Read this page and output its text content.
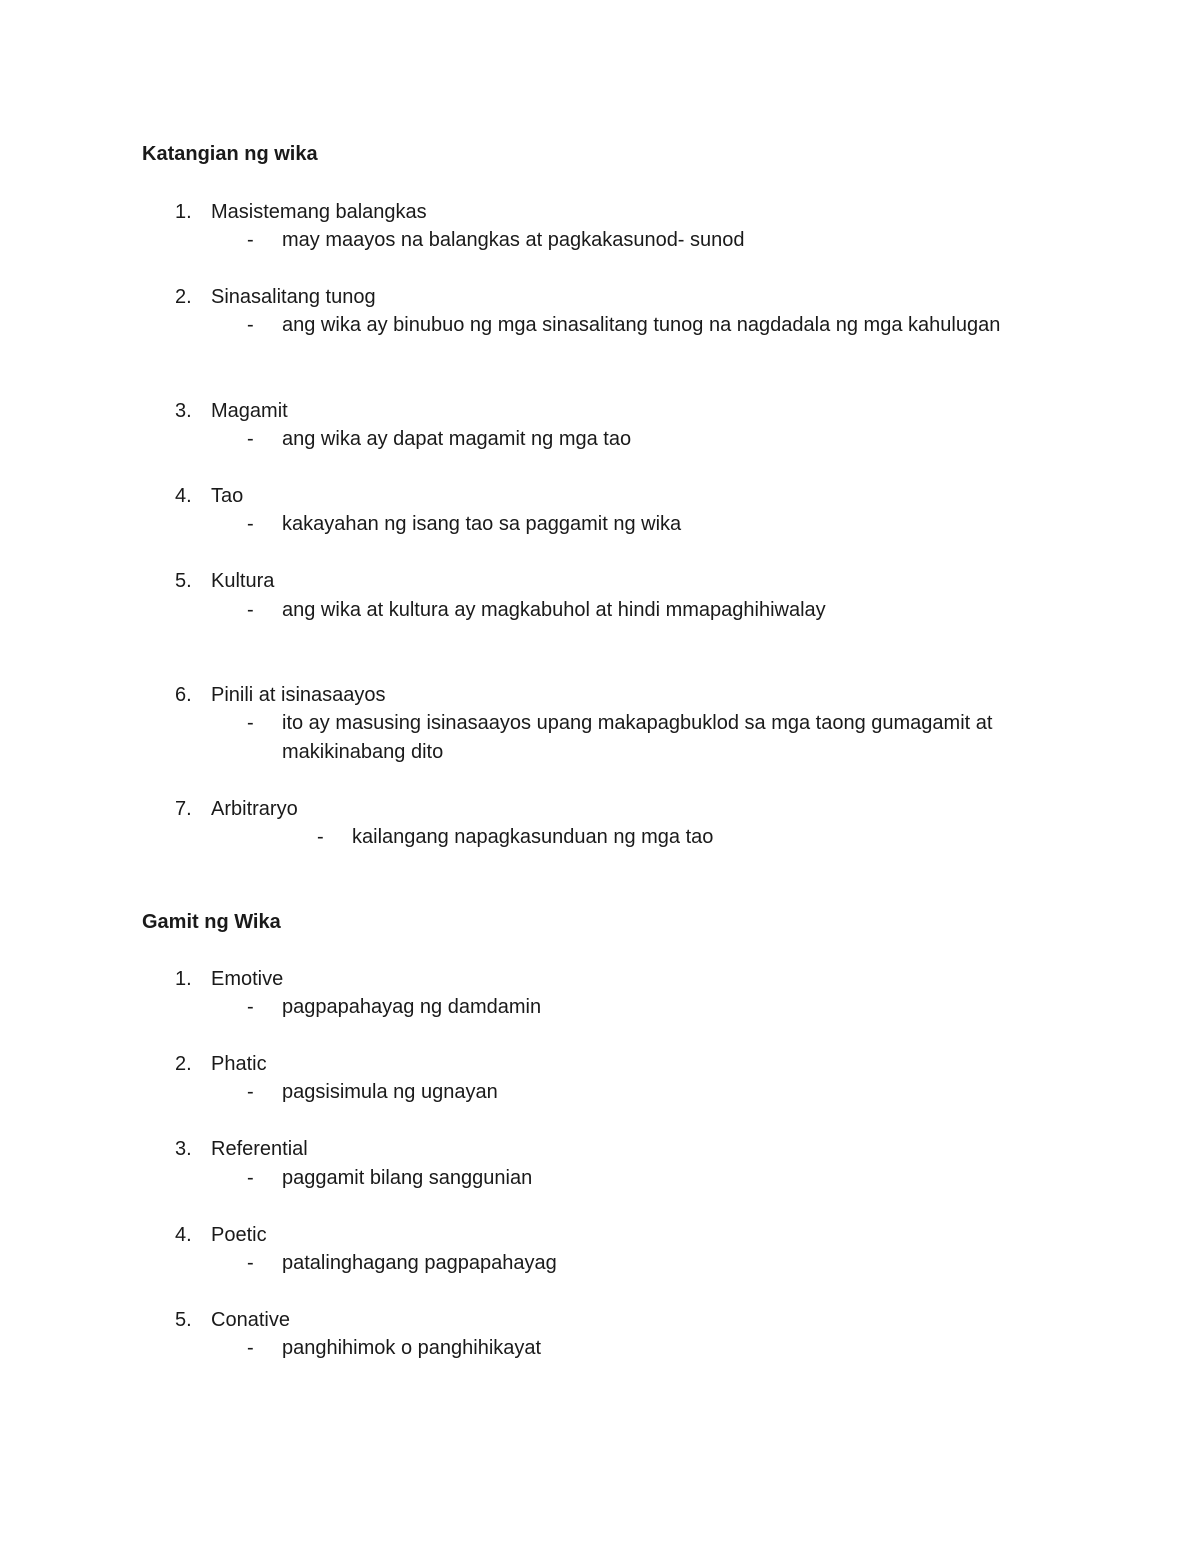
Katangian ng wika
1. Masistemang balangkas
- may maayos na balangkas at pagkakasunod- sunod
2. Sinasalitang tunog
- ang wika ay binubuo ng mga sinasalitang tunog na nagdadala ng mga kahulugan
3. Magamit
- ang wika ay dapat magamit ng mga tao
4. Tao
- kakayahan ng isang tao sa paggamit ng wika
5. Kultura
- ang wika at kultura ay magkabuhol at hindi mmapaghihiwalay
6. Pinili at isinasaayos
- ito ay masusing isinasaayos upang makapagbuklod sa mga taong gumagamit at makikinabang dito
7. Arbitraryo
- kailangang napagkasunduan ng mga tao
Gamit ng Wika
1. Emotive
- pagpapahayag ng damdamin
2. Phatic
- pagsisimula ng ugnayan
3. Referential
- paggamit bilang sanggunian
4. Poetic
- patalinghagang pagpapahayag
5. Conative
- panghihimok o panghihikayat
